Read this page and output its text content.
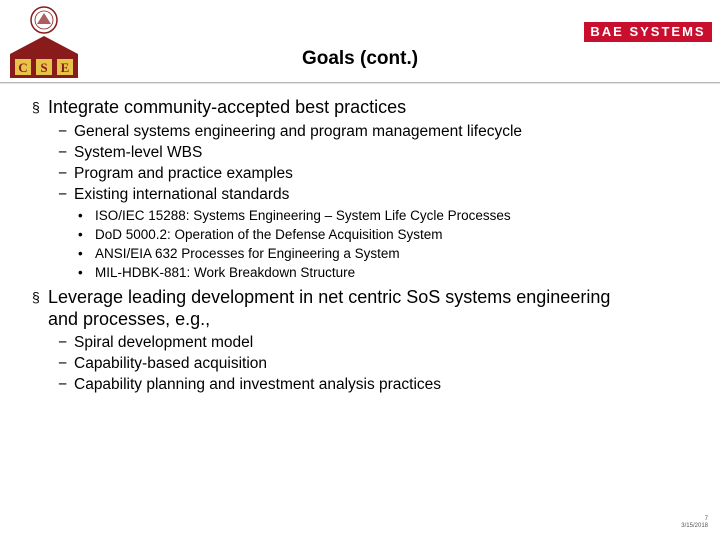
C S E
BAE SYSTEMS
Goals (cont.)
§ Integrate community-accepted best practices
− General systems engineering and program management lifecycle
− System-level WBS
− Program and practice examples
− Existing international standards
• ISO/IEC 15288: Systems Engineering – System Life Cycle Processes
• DoD 5000.2: Operation of the Defense Acquisition System
• ANSI/EIA 632 Processes for Engineering a System
• MIL-HDBK-881: Work Breakdown Structure
§ Leverage leading development in net centric SoS systems engineering
and processes, e.g.,
− Spiral development model
− Capability-based acquisition
− Capability planning and investment analysis practices
7
3/15/2018
